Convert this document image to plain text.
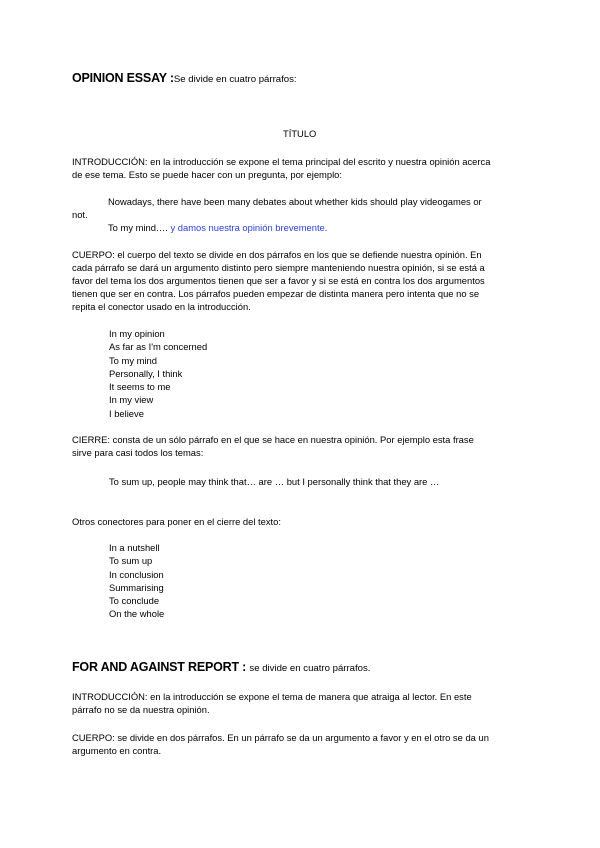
OPINION ESSAY :Se divide en cuatro párrafos:
TÍTULO
INTRODUCCIÓN: en la introducción se expone el tema principal del escrito y nuestra opinión acerca
de ese tema. Esto se puede hacer con un pregunta, por ejemplo:
Nowadays, there have been many debates about whether kids should play videogames or
not.
To my mind…. y damos nuestra opinión brevemente.
CUERPO: el cuerpo del texto se divide en dos párrafos en los que se defiende nuestra opinión. En
cada párrafo se dará un argumento distinto pero siempre manteniendo nuestra opinión, si se está a
favor del tema los dos argumentos tienen que ser a favor y si se está en contra los dos argumentos
tienen que ser en contra. Los párrafos pueden empezar de distinta manera pero intenta que no se
repita el conector usado en la introducción.
In my opinion
As far as I'm concerned
To my mind
Personally, I think
It seems to me
In my view
I believe
CIERRE: consta de un sólo párrafo en el que se hace en nuestra opinión. Por ejemplo esta frase
sirve para casi todos los temas:
To sum up, people may think that… are … but I personally think that they are …
Otros conectores para poner en el cierre del texto:
In a nutshell
To sum up
In conclusion
Summarising
To conclude
On the whole
FOR AND AGAINST REPORT : se divide en cuatro párrafos.
INTRODUCCIÓN: en la introducción se expone el tema de manera que atraiga al lector. En este
párrafo no se da nuestra opinión.
CUERPO: se divide en dos párrafos. En un párrafo se da un argumento a favor y en el otro se da un
argumento en contra.
